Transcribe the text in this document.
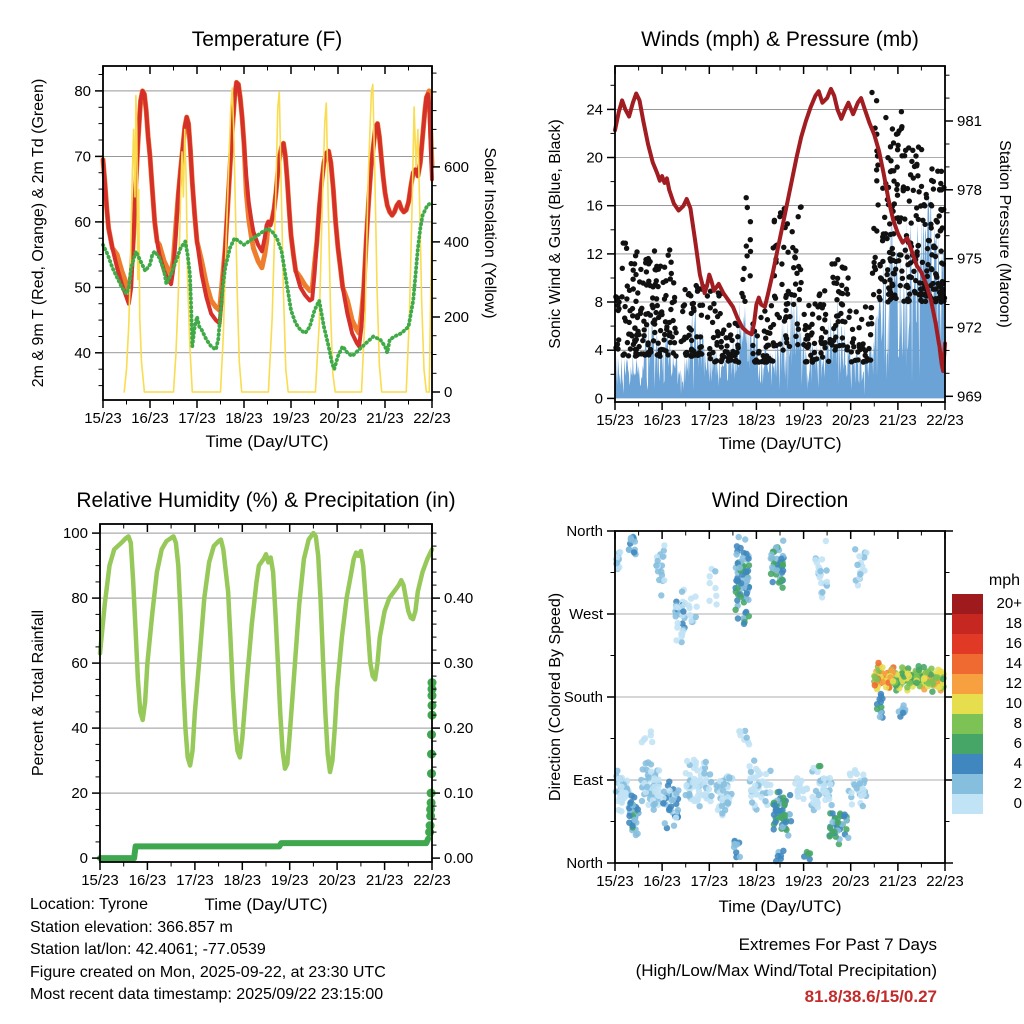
15/23 16/23 17/23 18/23 19/23 20/23 21/23 22/23
40
50
60
70
80
0
200
400
600
15/23 16/23 17/23 18/23 19/23 20/23 21/23 22/23
0
4
8
12
16
20
24
969
972
975
978
981
15/23 16/23 17/23 18/23 19/23 20/23 21/23 22/23
0
20
40
60
80
100
0.00
0.10
0.20
0.30
0.40
15/23 16/23 17/23 18/23 19/23 20/23 21/23 22/23
North
East
South
West
North
Temperature (F)	Winds (mph) & Pressure (mb)
Relative Humidity (%) & Precipitation (in)	Wind Direction
Time (Day/UTC)	Time (Day/UTC)
Time (Day/UTC)	Time (Day/UTC)
2m & 9m T (Red, Orange) & 2m Td (Green)	Solar Insolation (Yellow)	Sonic Wind & Gust (Blue, Black)	Station Pressure (Maroon)
Percent & Total Rainfall	Direction (Colored By Speed)
mph
20+
18
16
14
12
10
8
6
4
2
0
Location: Tyrone
Station elevation: 366.857 m
Station lat/lon: 42.4061; -77.0539
Figure created on Mon, 2025-09-22, at 23:30 UTC
Most recent data timestamp: 2025/09/22 23:15:00
Extremes For Past 7 Days
(High/Low/Max Wind/Total Precipitation)
81.8/38.6/15/0.27
